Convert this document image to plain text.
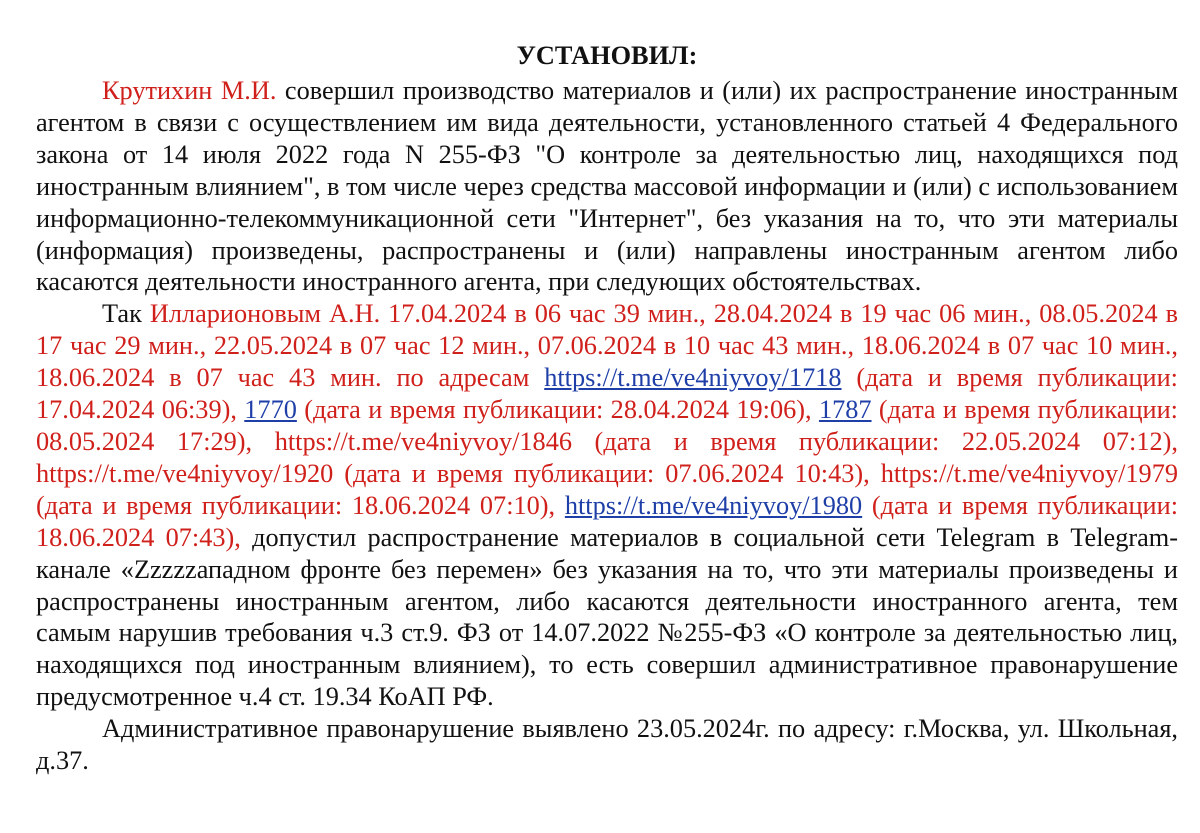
УСТАНОВИЛ:

Крутихин М.И. совершил производство материалов и (или) их распространение иностранным агентом в связи с осуществлением им вида деятельности, установленного статьей 4 Федерального закона от 14 июля 2022 года N 255-ФЗ "О контроле за деятельностью лиц, находящихся под иностранным влиянием", в том числе через средства массовой информации и (или) с использованием информационно-телекоммуникационной сети "Интернет", без указания на то, что эти материалы (информация) произведены, распространены и (или) направлены иностранным агентом либо касаются деятельности иностранного агента, при следующих обстоятельствах.

Так Илларионовым А.Н. 17.04.2024 в 06 час 39 мин., 28.04.2024 в 19 час 06 мин., 08.05.2024 в 17 час 29 мин., 22.05.2024 в 07 час 12 мин., 07.06.2024 в 10 час 43 мин., 18.06.2024 в 07 час 10 мин., 18.06.2024 в 07 час 43 мин. по адресам https://t.me/ve4niyvoy/1718 (дата и время публикации: 17.04.2024 06:39), 1770 (дата и время публикации: 28.04.2024 19:06), 1787 (дата и время публикации: 08.05.2024 17:29), https://t.me/ve4niyvoy/1846 (дата и время публикации: 22.05.2024 07:12), https://t.me/ve4niyvoy/1920 (дата и время публикации: 07.06.2024 10:43), https://t.me/ve4niyvoy/1979 (дата и время публикации: 18.06.2024 07:10), https://t.me/ve4niyvoy/1980 (дата и время публикации: 18.06.2024 07:43), допустил распространение материалов в социальной сети Telegram в Telegram-канале «Zzzzzападном фронте без перемен» без указания на то, что эти материалы произведены и распространены иностранным агентом, либо касаются деятельности иностранного агента, тем самым нарушив требования ч.3 ст.9. ФЗ от 14.07.2022 №255-ФЗ «О контроле за деятельностью лиц, находящихся под иностранным влиянием), то есть совершил административное правонарушение предусмотренное ч.4 ст. 19.34 КоАП РФ.

Административное правонарушение выявлено 23.05.2024г. по адресу: г.Москва, ул. Школьная, д.37.
